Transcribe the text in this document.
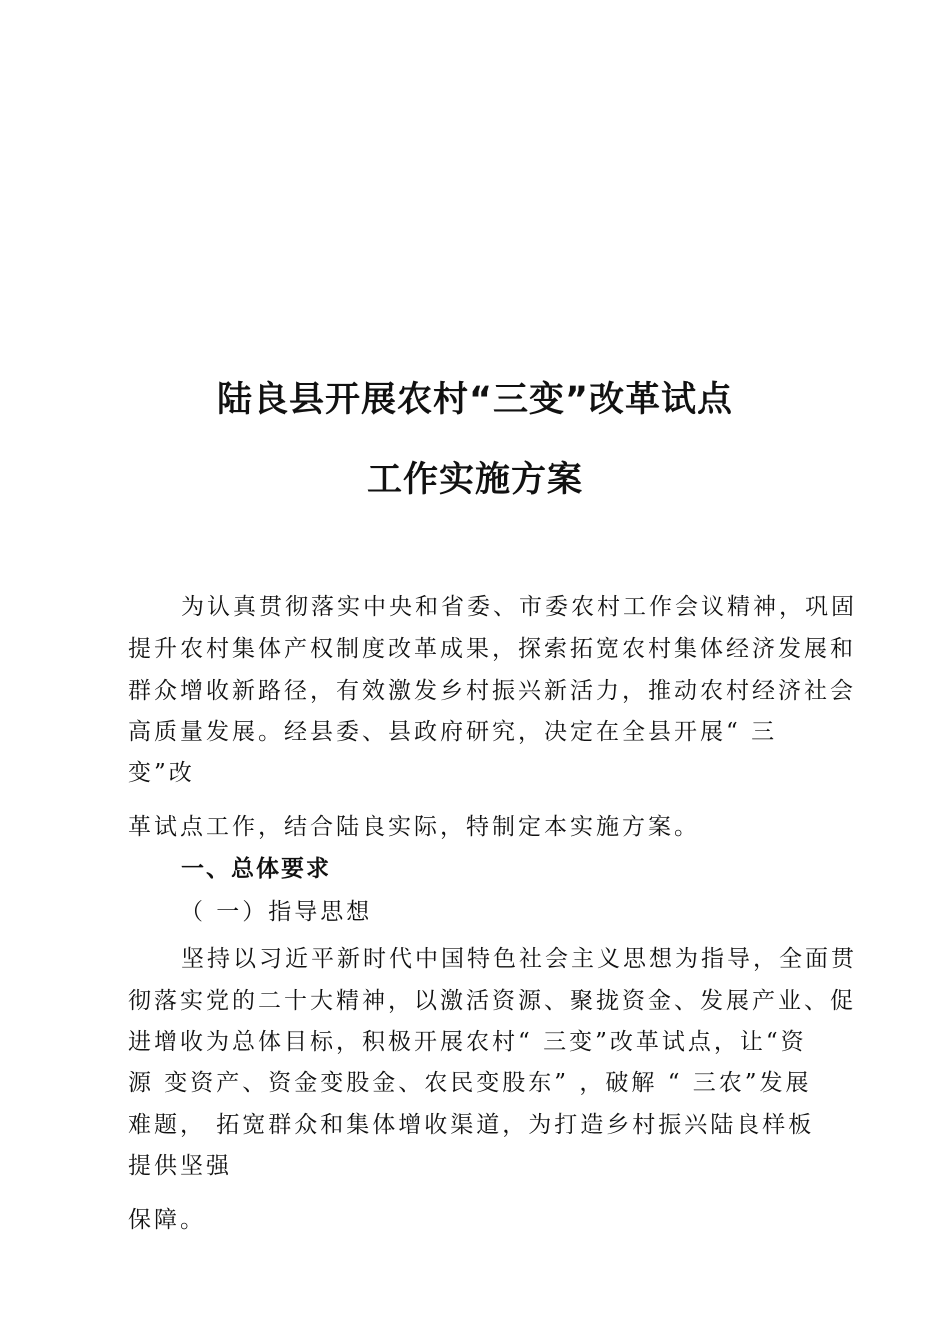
陆良县开展农村“三变”改革试点
工作实施方案
为认真贯彻落实中央和省委、市委农村工作会议精神，巩固
提升农村集体产权制度改革成果，探索拓宽农村集体经济发展和
群众增收新路径，有效激发乡村振兴新活力，推动农村经济社会
高质量发展。经县委、县政府研究，决定在全县开展“ 三
变”改
革试点工作，结合陆良实际，特制定本实施方案。
一、总体要求
（ 一）指导思想
坚持以习近平新时代中国特色社会主义思想为指导，全面贯
彻落实党的二十大精神，以激活资源、聚拢资金、发展产业、促
进增收为总体目标，积极开展农村“ 三变”改革试点，让“资
源 变资产、资金变股金、农民变股东” ，破解 “ 三农”发展
难题， 拓宽群众和集体增收渠道，为打造乡村振兴陆良样板
提供坚强
保障。
